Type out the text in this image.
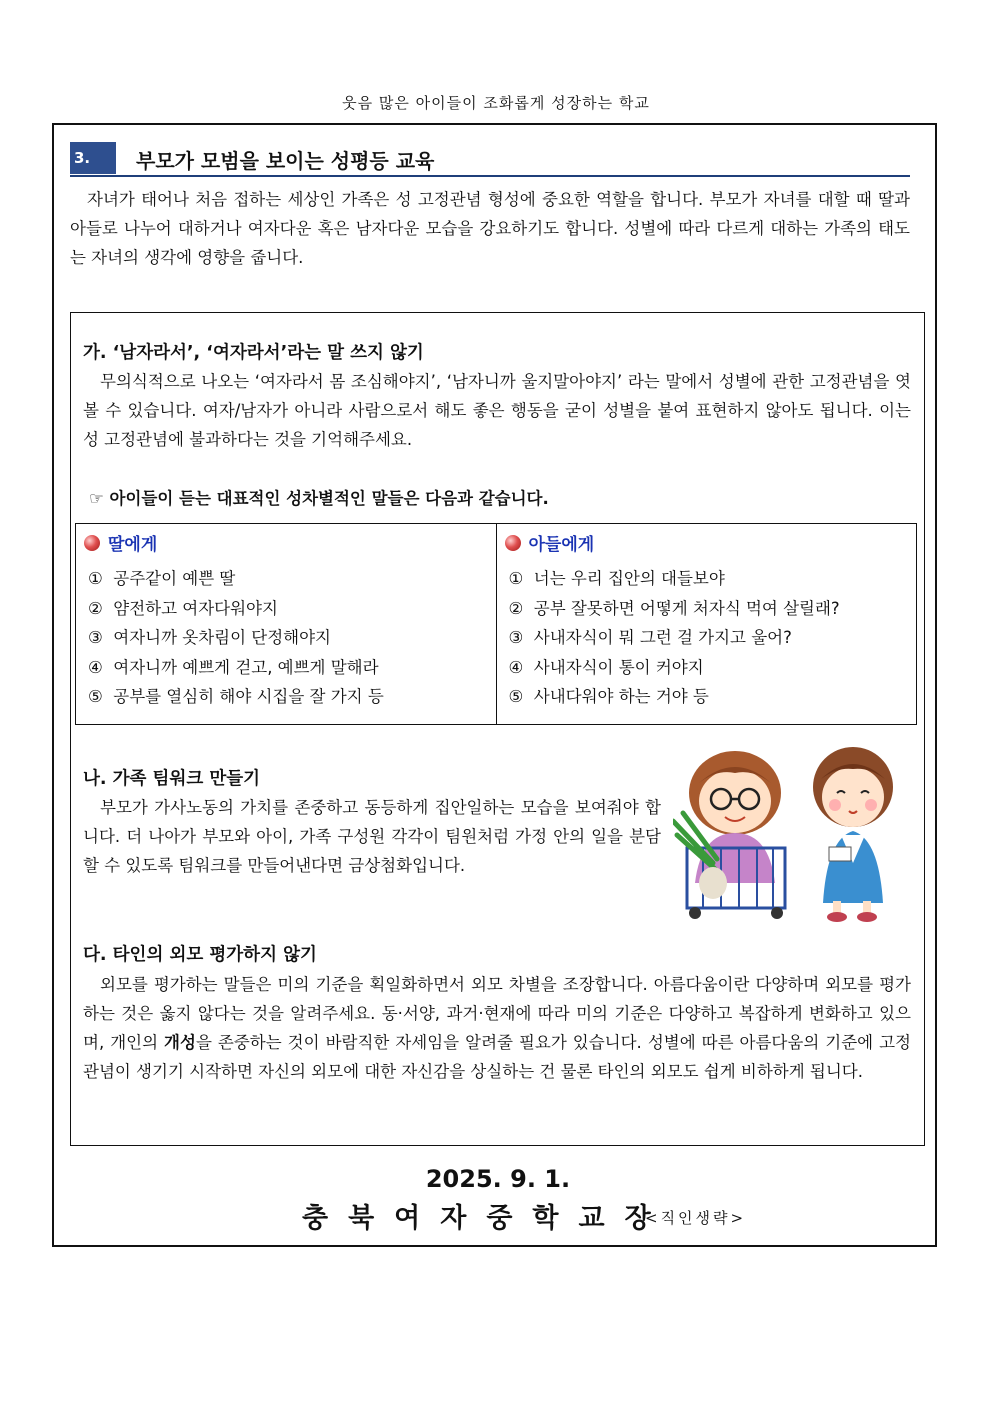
웃음 많은 아이들이 조화롭게 성장하는 학교
3.	부모가 모범을 보이는 성평등 교육

자녀가 태어나 처음 접하는 세상인 가족은 성 고정관념 형성에 중요한 역할을 합니다. 부모가 자녀를 대할 때 딸과 아들로 나누어 대하거나 여자다운 혹은 남자다운 모습을 강요하기도 합니다. 성별에 따라 다르게 대하는 가족의 태도는 자녀의 생각에 영향을 줍니다.

가. ‘남자라서’, ‘여자라서’라는 말 쓰지 않기

무의식적으로 나오는 ‘여자라서 몸 조심해야지’, ‘남자니까 울지말아야지’ 라는 말에서 성별에 관한 고정관념을 엿볼 수 있습니다. 여자/남자가 아니라 사람으로서 해도 좋은 행동을 굳이 성별을 붙여 표현하지 않아도 됩니다. 이는 성 고정관념에 불과하다는 것을 기억해주세요.

☞ 아이들이 듣는 대표적인 성차별적인 말들은 다음과 같습니다.
딸에게
① 공주같이 예쁜 딸
② 얌전하고 여자다워야지
③ 여자니까 옷차림이 단정해야지
④ 여자니까 예쁘게 걷고, 예쁘게 말해라
⑤ 공부를 열심히 해야 시집을 잘 가지 등
아들에게
① 너는 우리 집안의 대들보야
② 공부 잘못하면 어떻게 처자식 먹여 살릴래?
③ 사내자식이 뭐 그런 걸 가지고 울어?
④ 사내자식이 통이 커야지
⑤ 사내다워야 하는 거야 등
나. 가족 팀워크 만들기

부모가 가사노동의 가치를 존중하고 동등하게 집안일하는 모습을 보여줘야 합니다. 더 나아가 부모와 아이, 가족 구성원 각각이 팀원처럼 가정 안의 일을 분담할 수 있도록 팀워크를 만들어낸다면 금상첨화입니다.

다. 타인의 외모 평가하지 않기

외모를 평가하는 말들은 미의 기준을 획일화하면서 외모 차별을 조장합니다. 아름다움이란 다양하며 외모를 평가하는 것은 옳지 않다는 것을 알려주세요. 동·서양, 과거·현재에 따라 미의 기준은 다양하고 복잡하게 변화하고 있으며, 개인의 개성을 존중하는 것이 바람직한 자세임을 알려줄 필요가 있습니다. 성별에 따른 아름다움의 기준에 고정관념이 생기기 시작하면 자신의 외모에 대한 자신감을 상실하는 건 물론 타인의 외모도 쉽게 비하하게 됩니다.

2025. 9. 1.
충북여자중학교장
<직인생략>
